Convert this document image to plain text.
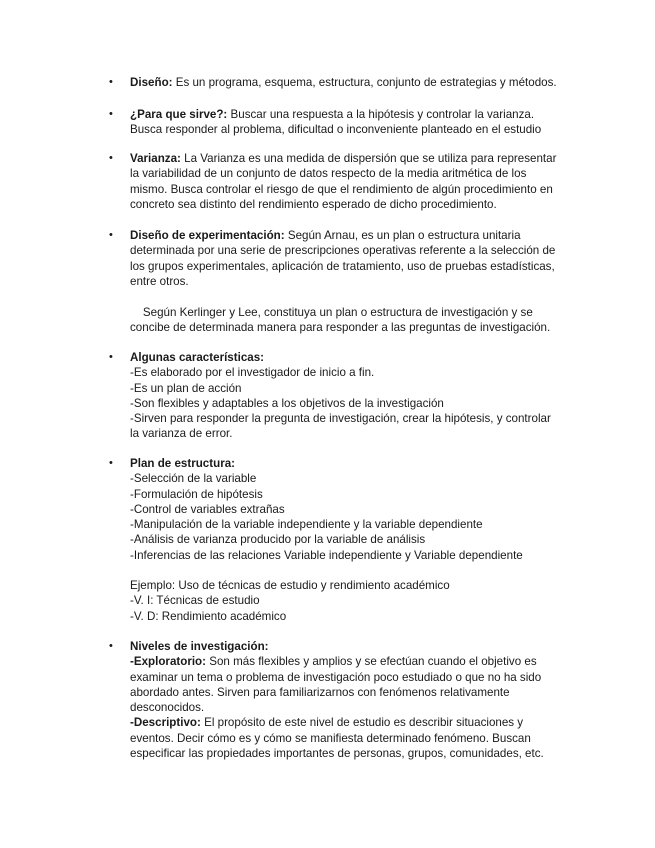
• Diseño: Es un programa, esquema, estructura, conjunto de estrategias y métodos.
• ¿Para que sirve?: Buscar una respuesta a la hipótesis y controlar la varianza.
Busca responder al problema, dificultad o inconveniente planteado en el estudio
• Varianza: La Varianza es una medida de dispersión que se utiliza para representar
la variabilidad de un conjunto de datos respecto de la media aritmética de los
mismo. Busca controlar el riesgo de que el rendimiento de algún procedimiento en
concreto sea distinto del rendimiento esperado de dicho procedimiento.
• Diseño de experimentación: Según Arnau, es un plan o estructura unitaria
determinada por una serie de prescripciones operativas referente a la selección de
los grupos experimentales, aplicación de tratamiento, uso de pruebas estadísticas,
entre otros.
Según Kerlinger y Lee, constituya un plan o estructura de investigación y se
concibe de determinada manera para responder a las preguntas de investigación.
• Algunas características:
-Es elaborado por el investigador de inicio a fin.
-Es un plan de acción
-Son flexibles y adaptables a los objetivos de la investigación
-Sirven para responder la pregunta de investigación, crear la hipótesis, y controlar
la varianza de error.
• Plan de estructura:
-Selección de la variable
-Formulación de hipótesis
-Control de variables extrañas
-Manipulación de la variable independiente y la variable dependiente
-Análisis de varianza producido por la variable de análisis
-Inferencias de las relaciones Variable independiente y Variable dependiente
Ejemplo: Uso de técnicas de estudio y rendimiento académico
-V. I: Técnicas de estudio
-V. D: Rendimiento académico
• Niveles de investigación:
-Exploratorio: Son más flexibles y amplios y se efectúan cuando el objetivo es
examinar un tema o problema de investigación poco estudiado o que no ha sido
abordado antes. Sirven para familiarizarnos con fenómenos relativamente
desconocidos.
-Descriptivo: El propósito de este nivel de estudio es describir situaciones y
eventos. Decir cómo es y cómo se manifiesta determinado fenómeno. Buscan
especificar las propiedades importantes de personas, grupos, comunidades, etc.
